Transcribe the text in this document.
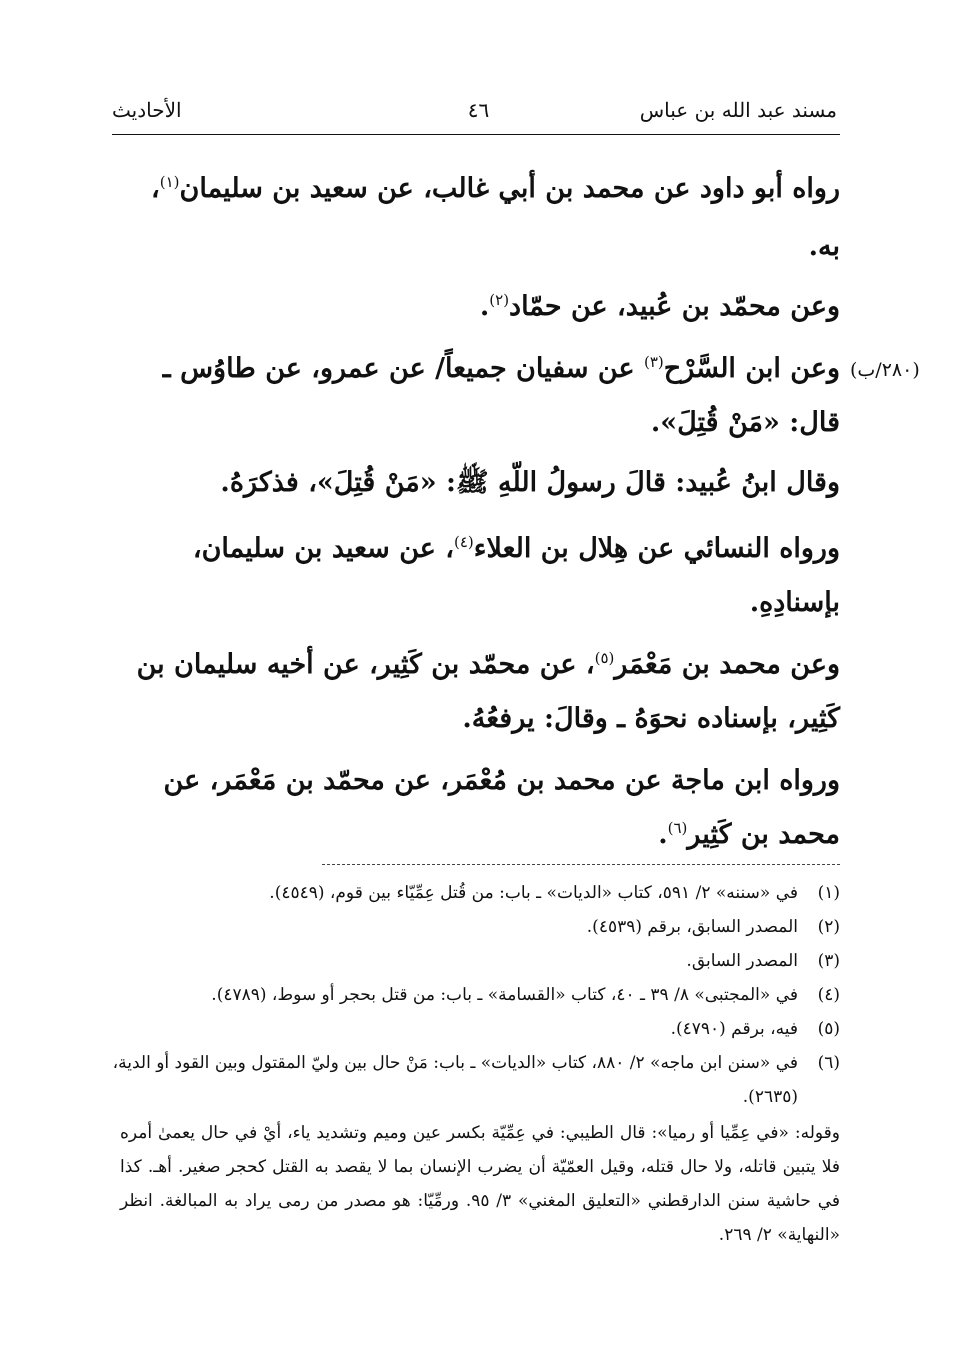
مسند عبد الله بن عباس
٤٦
الأحاديث
(٢٨٠/ب)
رواه أبو داود عن محمد بن أبي غالب، عن سعيد بن سليمان$^{(١)}$،
به.
وعن محمّد بن عُبيد، عن حمّاد$^{(٢)}$.
وعن ابن السَّرْح$^{(٣)}$ عن سفيان جميعاً/ عن عمرو، عن طاوُس ـ
قال: «مَنْ قُتِلَ».
وقال ابنُ عُبيد: قالَ رسولُ اللّهِ ﷺ: «مَنْ قُتِلَ»، فذكرَهُ.
ورواه النسائي عن هِلال بن العلاء$^{(٤)}$، عن سعيد بن سليمان،
بإسنادِهِ.
وعن محمد بن مَعْمَر$^{(٥)}$، عن محمّد بن كَثِير، عن أخيه سليمان بن
كَثِير، بإسناده نحوَهُ ـ وقالَ: يرفعُهُ.
ورواه ابن ماجة عن محمد بن مُعْمَر، عن محمّد بن مَعْمَر، عن
محمد بن كَثِير$^{(٦)}$.
(١)
في «سننه» ٢/ ٥٩١، كتاب «الديات» ـ باب: من قُتل عِمِّيّاء بين قوم، (٤٥٤٩).
(٢)
المصدر السابق، برقم (٤٥٣٩).
(٣)
المصدر السابق.
(٤)
في «المجتبى» ٨/ ٣٩ ـ ٤٠، كتاب «القسامة» ـ باب: من قتل بحجر أو سوط، (٤٧٨٩).
(٥)
فيه، برقم (٤٧٩٠).
(٦)
في «سنن ابن ماجه» ٢/ ٨٨٠، كتاب «الديات» ـ باب: مَنْ حال بين وليّ المقتول وبين القود أو الدية، (٢٦٣٥).
وقوله: «في عِمِّيا أو رميا»: قال الطيبي: في عِمِّيّة بكسر عين وميم وتشديد ياء، أيْ في حال يعمىٰ أمره فلا يتبين قاتله، ولا حال قتله، وقيل العمّيّة أن يضرب الإنسان بما لا يقصد به القتل كحجر صغير. أهـ. كذا في حاشية سنن الدارقطني «التعليق المغني» ٣/ ٩٥. ورمِّيّا: هو مصدر من رمى يراد به المبالغة. انظر «النهاية» ٢/ ٢٦٩.
